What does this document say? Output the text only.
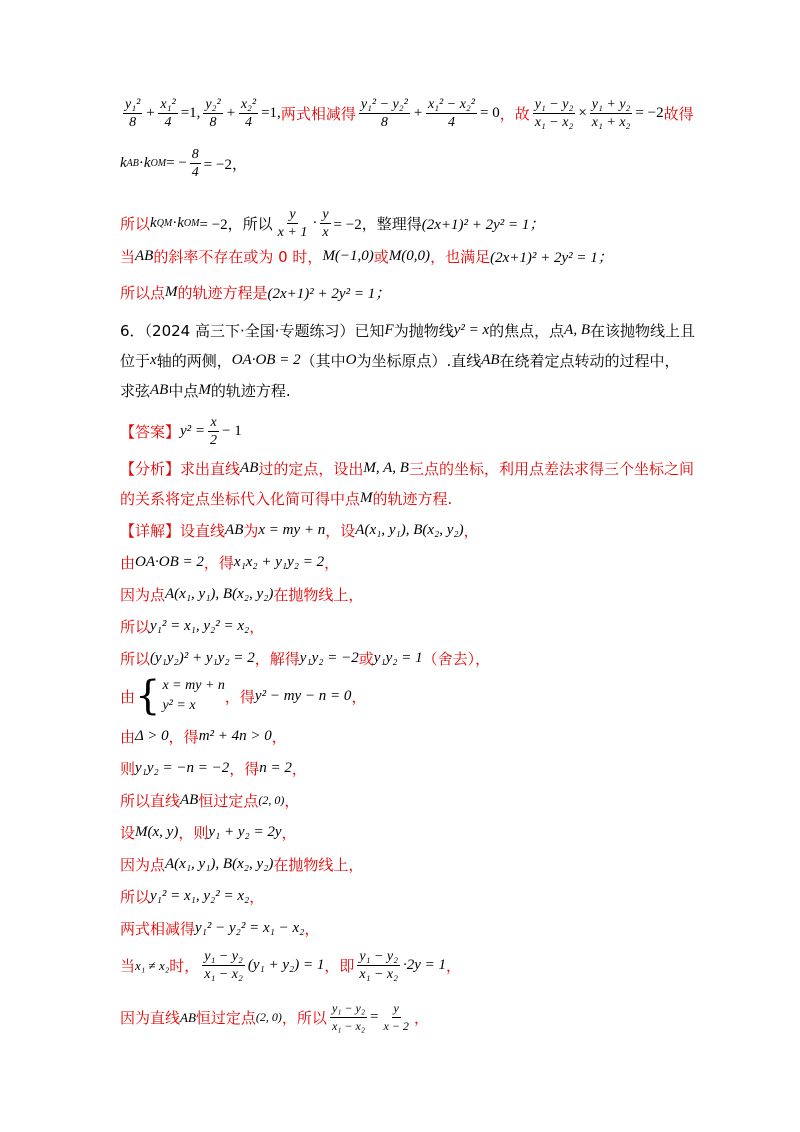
$\frac{\text{y₁²}}{8} + \frac{\text{x₁²}}{4} =1$, $\frac{\text{y₂²}}{8} + \frac{\text{x₂²}}{4} =1$, 两式相减得 $\frac{\text{y₁² − y₂²}}{8} + \frac{\text{x₁² − x₂²}}{4} = 0$ ，故 $\frac{\text{y₁ − y₂}}{\text{x₁ − x₂}} \times \frac{\text{y₁ + y₂}}{\text{x₁ + x₂}} = -2$ 故得
k AB · k OM = − $\frac{8}{4} = -2$，
所以 k QM · k OM = −2，所以 $\frac{y}{x + 1} \cdot \frac{y}{x} = -2$，整理得 (2x+1)² + 2y² = 1；
当 AB 的斜率不存在或为 0 时， M(−1,0) 或 M(0,0) ，也满足 (2x+1)² + 2y² = 1；
所以点 M 的轨迹方程是 (2x+1)² + 2y² = 1；
6．（2024 高三下·全国·专题练习）已知 F 为抛物线 y² = x 的焦点，点 A, B 在该抛物线上且
位于 x 轴的两侧， OA·OB = 2 （其中 O 为坐标原点）.直线 AB 在绕着定点转动的过程中，
求弦 AB 中点 M 的轨迹方程.
【答案】 $y^2 = \frac{x}{2} - 1$
【分析】 求出直线 AB 过的定点，设出 M, A, B 三点的坐标，利用点差法求得三个坐标之间
的关系将定点坐标代入化简可得中点 M 的轨迹方程.
【详解】 设直线 AB 为 x = my + n ，设 A(x₁, y₁), B(x₂, y₂) ，
由 OA·OB = 2 ，得 x₁x₂ + y₁y₂ = 2 ，
因为点 A(x₁, y₁), B(x₂, y₂) 在抛物线上，
所以 y₁² = x₁, y₂² = x₂ ，
所以 (y₁y₂)² + y₁y₂ = 2 ，解得 y₁y₂ = −2 或 y₁y₂ = 1 （舍去），
由 { x = my + n
y² = x	，得 y² − my − n = 0 ，
由 Δ > 0 ，得 m² + 4n > 0 ，
则 y₁y₂ = −n = −2 ，得 n = 2 ，
所以直线 AB 恒过定点 (2, 0) ，
设 M(x, y) ，则 y₁ + y₂ = 2y ，
因为点 A(x₁, y₁), B(x₂, y₂) 在抛物线上，
所以 y₁² = x₁, y₂² = x₂ ，
两式相减得 y₁² − y₂² = x₁ − x₂ ，
当 x₁ ≠ x₂ 时， $\frac{\text{y₁ − y₂}}{\text{x₁ − x₂}} (y_1 + y_2) = 1$ ，即 $\frac{\text{y₁ − y₂}}{\text{x₁ − x₂}} \cdot 2y = 1$ ，
因为直线 AB 恒过定点 (2, 0) ，所以 $\frac{\text{y₁ − y₂}}{\text{x₁ − x₂}} = \frac{y}{x - 2}$ ，
